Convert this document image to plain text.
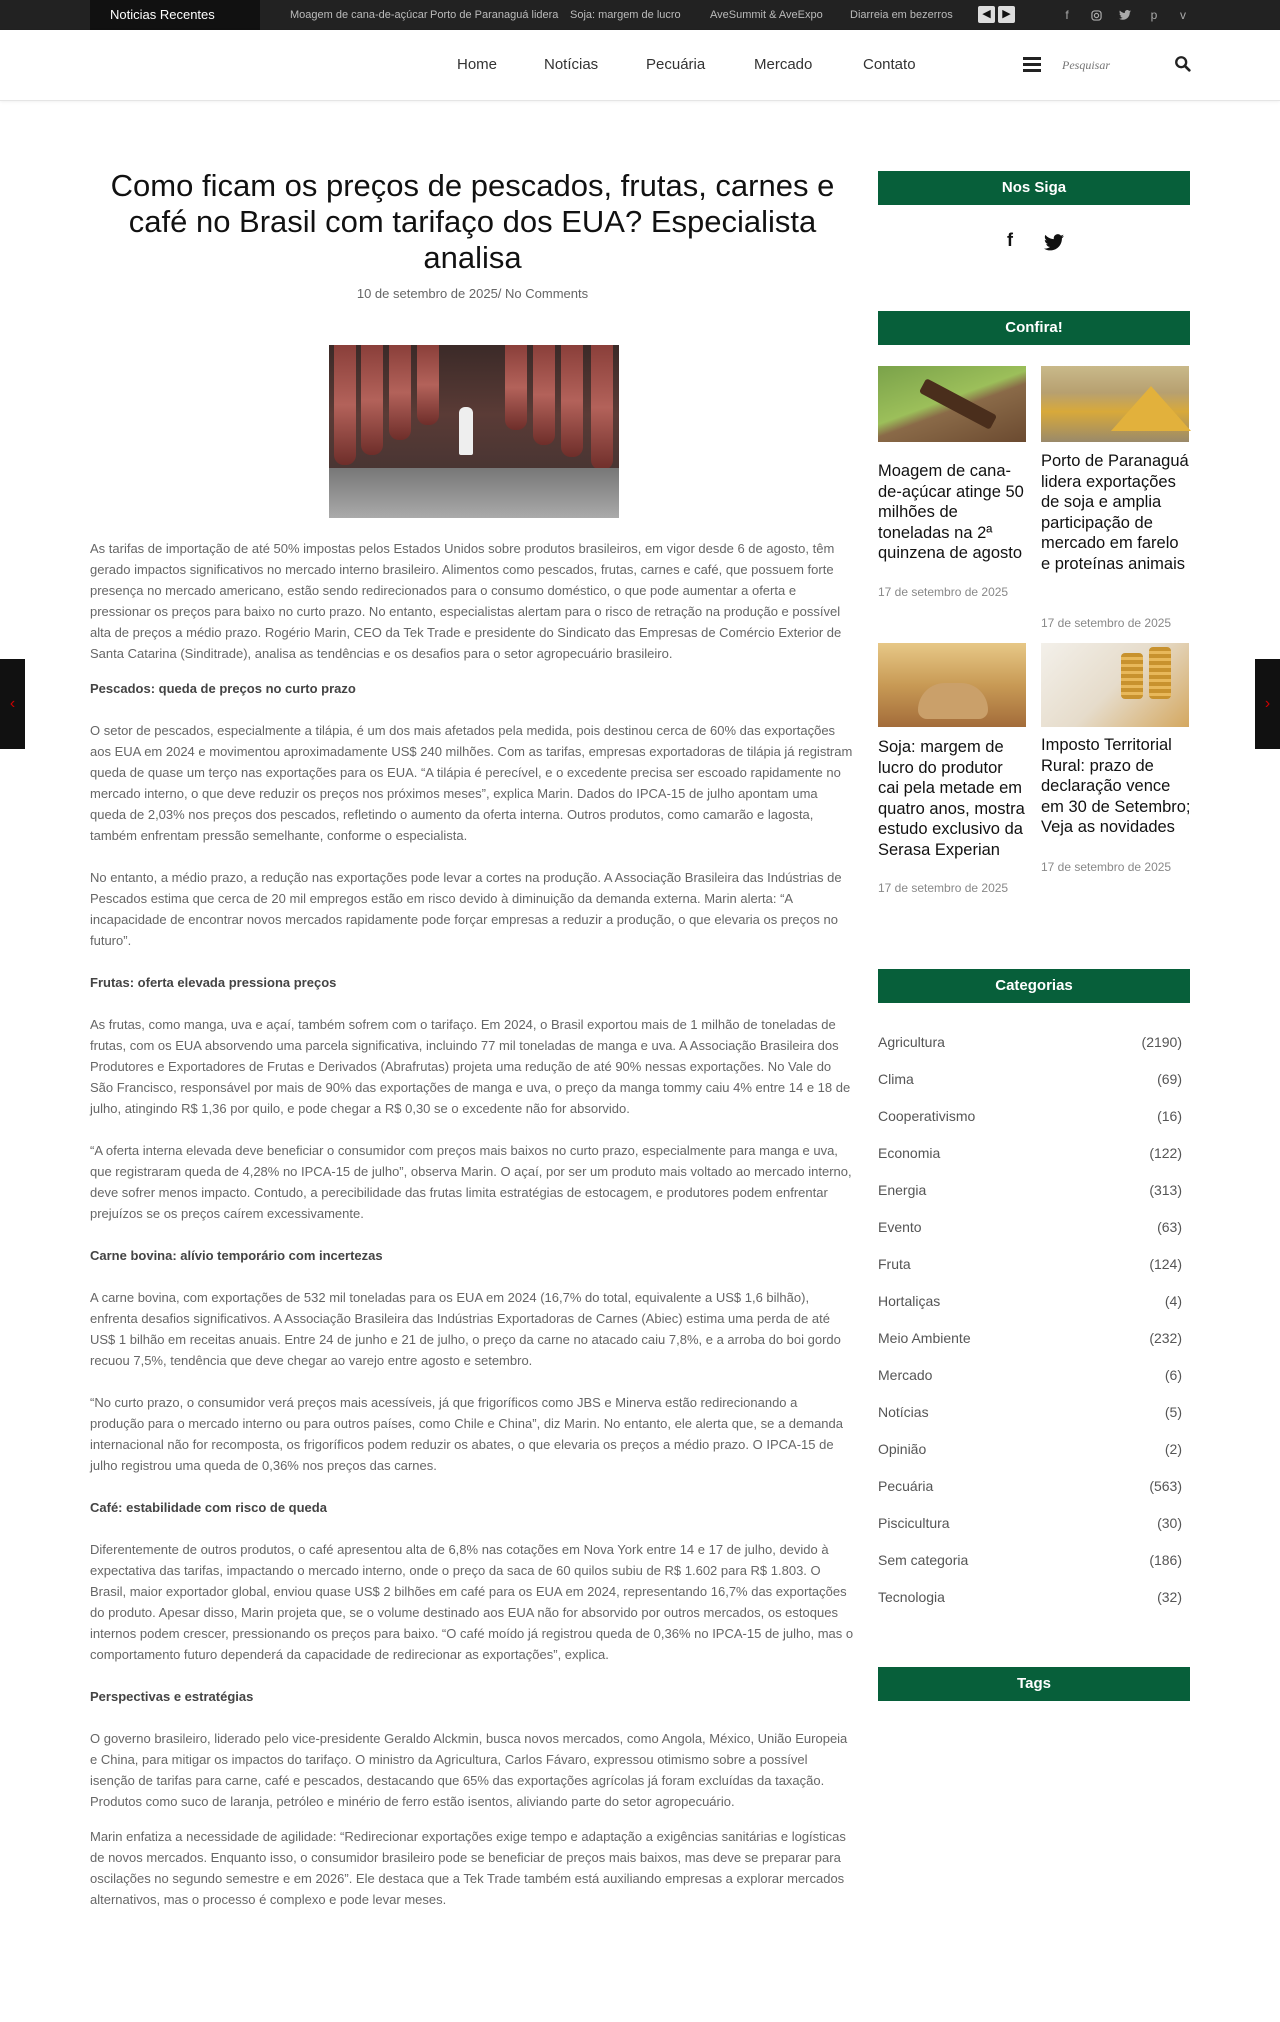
Noticias Recentes	Moagem de cana-de-açúcar Porto de Paranaguá lidera Soja: margem de lucro	AveSummit & AveExpo Diarreia em bezerros	◀	▶	f	p	v
Home	Notícias	Pecuária	Mercado	Contato
Pesquisar
‹	›
Como ficam os preços de pescados, frutas, carnes e café no Brasil com tarifaço dos EUA? Especialista analisa
10 de setembro de 2025/ No Comments

As tarifas de importação de até 50% impostas pelos Estados Unidos sobre produtos brasileiros, em vigor desde 6 de agosto, têm gerado impactos significativos no mercado interno brasileiro. Alimentos como pescados, frutas, carnes e café, que possuem forte presença no mercado americano, estão sendo redirecionados para o consumo doméstico, o que pode aumentar a oferta e pressionar os preços para baixo no curto prazo. No entanto, especialistas alertam para o risco de retração na produção e possível alta de preços a médio prazo. Rogério Marin, CEO da Tek Trade e presidente do Sindicato das Empresas de Comércio Exterior de Santa Catarina (Sinditrade), analisa as tendências e os desafios para o setor agropecuário brasileiro.

Pescados: queda de preços no curto prazo

O setor de pescados, especialmente a tilápia, é um dos mais afetados pela medida, pois destinou cerca de 60% das exportações aos EUA em 2024 e movimentou aproximadamente US$ 240 milhões. Com as tarifas, empresas exportadoras de tilápia já registram queda de quase um terço nas exportações para os EUA. “A tilápia é perecível, e o excedente precisa ser escoado rapidamente no mercado interno, o que deve reduzir os preços nos próximos meses”, explica Marin. Dados do IPCA-15 de julho apontam uma queda de 2,03% nos preços dos pescados, refletindo o aumento da oferta interna. Outros produtos, como camarão e lagosta, também enfrentam pressão semelhante, conforme o especialista.

No entanto, a médio prazo, a redução nas exportações pode levar a cortes na produção. A Associação Brasileira das Indústrias de Pescados estima que cerca de 20 mil empregos estão em risco devido à diminuição da demanda externa. Marin alerta: “A incapacidade de encontrar novos mercados rapidamente pode forçar empresas a reduzir a produção, o que elevaria os preços no futuro”.

Frutas: oferta elevada pressiona preços

As frutas, como manga, uva e açaí, também sofrem com o tarifaço. Em 2024, o Brasil exportou mais de 1 milhão de toneladas de frutas, com os EUA absorvendo uma parcela significativa, incluindo 77 mil toneladas de manga e uva. A Associação Brasileira dos Produtores e Exportadores de Frutas e Derivados (Abrafrutas) projeta uma redução de até 90% nessas exportações. No Vale do São Francisco, responsável por mais de 90% das exportações de manga e uva, o preço da manga tommy caiu 4% entre 14 e 18 de julho, atingindo R$ 1,36 por quilo, e pode chegar a R$ 0,30 se o excedente não for absorvido.

“A oferta interna elevada deve beneficiar o consumidor com preços mais baixos no curto prazo, especialmente para manga e uva, que registraram queda de 4,28% no IPCA-15 de julho”, observa Marin. O açaí, por ser um produto mais voltado ao mercado interno, deve sofrer menos impacto. Contudo, a perecibilidade das frutas limita estratégias de estocagem, e produtores podem enfrentar prejuízos se os preços caírem excessivamente.

Carne bovina: alívio temporário com incertezas

A carne bovina, com exportações de 532 mil toneladas para os EUA em 2024 (16,7% do total, equivalente a US$ 1,6 bilhão), enfrenta desafios significativos. A Associação Brasileira das Indústrias Exportadoras de Carnes (Abiec) estima uma perda de até US$ 1 bilhão em receitas anuais. Entre 24 de junho e 21 de julho, o preço da carne no atacado caiu 7,8%, e a arroba do boi gordo recuou 7,5%, tendência que deve chegar ao varejo entre agosto e setembro.

“No curto prazo, o consumidor verá preços mais acessíveis, já que frigoríficos como JBS e Minerva estão redirecionando a produção para o mercado interno ou para outros países, como Chile e China”, diz Marin. No entanto, ele alerta que, se a demanda internacional não for recomposta, os frigoríficos podem reduzir os abates, o que elevaria os preços a médio prazo. O IPCA-15 de julho registrou uma queda de 0,36% nos preços das carnes.

Café: estabilidade com risco de queda

Diferentemente de outros produtos, o café apresentou alta de 6,8% nas cotações em Nova York entre 14 e 17 de julho, devido à expectativa das tarifas, impactando o mercado interno, onde o preço da saca de 60 quilos subiu de R$ 1.602 para R$ 1.803. O Brasil, maior exportador global, enviou quase US$ 2 bilhões em café para os EUA em 2024, representando 16,7% das exportações do produto. Apesar disso, Marin projeta que, se o volume destinado aos EUA não for absorvido por outros mercados, os estoques internos podem crescer, pressionando os preços para baixo. “O café moído já registrou queda de 0,36% no IPCA-15 de julho, mas o comportamento futuro dependerá da capacidade de redirecionar as exportações”, explica.

Perspectivas e estratégias

O governo brasileiro, liderado pelo vice-presidente Geraldo Alckmin, busca novos mercados, como Angola, México, União Europeia e China, para mitigar os impactos do tarifaço. O ministro da Agricultura, Carlos Fávaro, expressou otimismo sobre a possível isenção de tarifas para carne, café e pescados, destacando que 65% das exportações agrícolas já foram excluídas da taxação. Produtos como suco de laranja, petróleo e minério de ferro estão isentos, aliviando parte do setor agropecuário.

Marin enfatiza a necessidade de agilidade: “Redirecionar exportações exige tempo e adaptação a exigências sanitárias e logísticas de novos mercados. Enquanto isso, o consumidor brasileiro pode se beneficiar de preços mais baixos, mas deve se preparar para oscilações no segundo semestre e em 2026”. Ele destaca que a Tek Trade também está auxiliando empresas a explorar mercados alternativos, mas o processo é complexo e pode levar meses.

Nos Siga
f
Confira!
Moagem de cana-de-açúcar atinge 50 milhões de toneladas na 2ª quinzena de agosto
17 de setembro de 2025
Porto de Paranaguá lidera exportações de soja e amplia participação de mercado em farelo e proteínas animais
17 de setembro de 2025
Soja: margem de lucro do produtor cai pela metade em quatro anos, mostra estudo exclusivo da Serasa Experian
17 de setembro de 2025
Imposto Territorial Rural: prazo de declaração vence em 30 de Setembro; Veja as novidades
17 de setembro de 2025
Categorias
Agricultura	(2190)
Clima	(69)
Cooperativismo	(16)
Economia	(122)
Energia	(313)
Evento	(63)
Fruta	(124)
Hortaliças	(4)
Meio Ambiente	(232)
Mercado	(6)
Notícias	(5)
Opinião	(2)
Pecuária	(563)
Piscicultura	(30)
Sem categoria	(186)
Tecnologia	(32)
Tags
